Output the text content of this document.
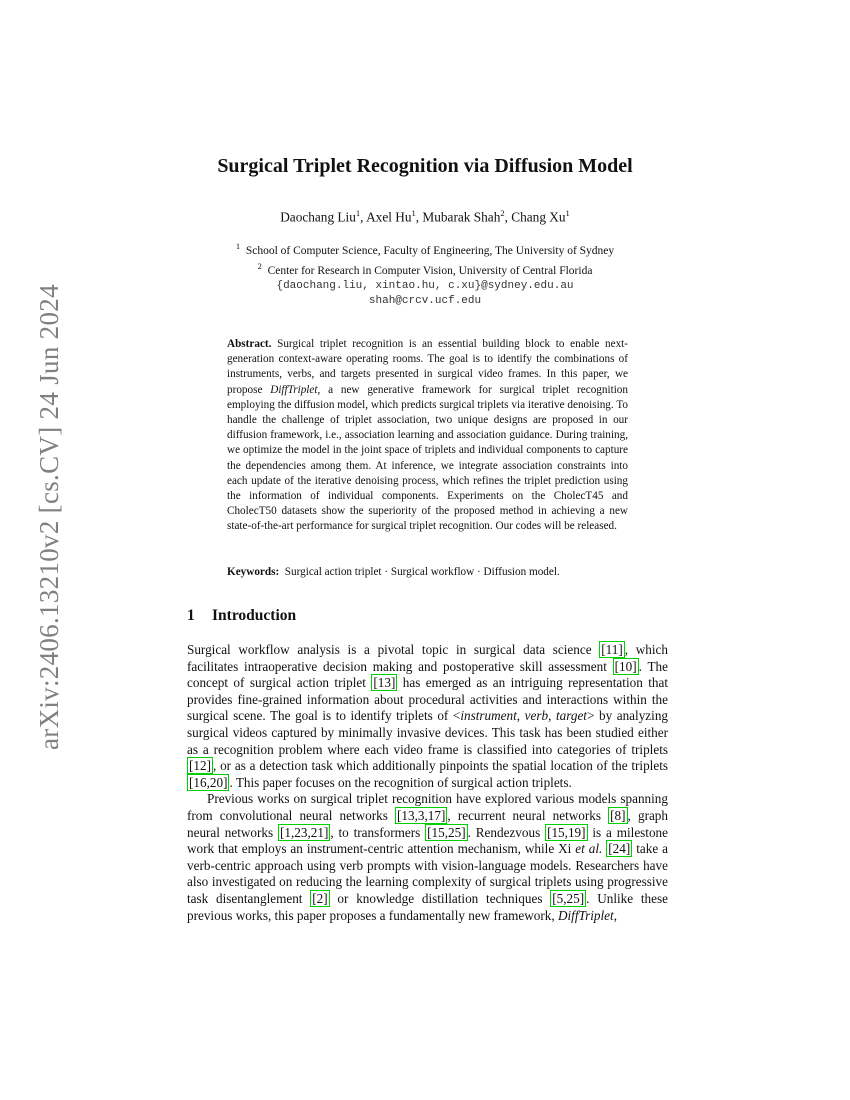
arXiv:2406.13210v2 [cs.CV] 24 Jun 2024
Surgical Triplet Recognition via Diffusion Model
Daochang Liu$^1$, Axel Hu$^1$, Mubarak Shah$^2$, Chang Xu$^1$
$^1$ School of Computer Science, Faculty of Engineering, The University of Sydney
$^2$ Center for Research in Computer Vision, University of Central Florida
{daochang.liu, xintao.hu, c.xu}@sydney.edu.au
shah@crcv.ucf.edu
Abstract. Surgical triplet recognition is an essential building block to enable next-generation context-aware operating rooms. The goal is to identify the combinations of instruments, verbs, and targets presented in surgical video frames. In this paper, we propose DiffTriplet, a new generative framework for surgical triplet recognition employing the diffusion model, which predicts surgical triplets via iterative denoising. To handle the challenge of triplet association, two unique designs are proposed in our diffusion framework, i.e., association learning and association guidance. During training, we optimize the model in the joint space of triplets and individual components to capture the dependencies among them. At inference, we integrate association constraints into each update of the iterative denoising process, which refines the triplet prediction using the information of individual components. Experiments on the CholecT45 and CholecT50 datasets show the superiority of the proposed method in achieving a new state-of-the-art performance for surgical triplet recognition. Our codes will be released.
Keywords: Surgical action triplet · Surgical workflow · Diffusion model.
1 Introduction

Surgical workflow analysis is a pivotal topic in surgical data science [11] , which facilitates intraoperative decision making and postoperative skill assessment [10] . The concept of surgical action triplet [13] has emerged as an intriguing representation that provides fine-grained information about procedural activities and interactions within the surgical scene. The goal is to identify triplets of <instrument, verb, target> by analyzing surgical videos captured by minimally invasive devices. This task has been studied either as a recognition problem where each video frame is classified into categories of triplets [12] , or as a detection task which additionally pinpoints the spatial location of the triplets [16,20] . This paper focuses on the recognition of surgical action triplets.

Previous works on surgical triplet recognition have explored various models spanning from convolutional neural networks [13,3,17] , recurrent neural networks [8] , graph neural networks [1,23,21] , to transformers [15,25] . Rendezvous [15,19] is a milestone work that employs an instrument-centric attention mechanism, while Xi et al. [24] take a verb-centric approach using verb prompts with vision-language models. Researchers have also investigated on reducing the learning complexity of surgical triplets using progressive task disentanglement [2] or knowledge distillation techniques [5,25] . Unlike these previous works, this paper proposes a fundamentally new framework, DiffTriplet,
